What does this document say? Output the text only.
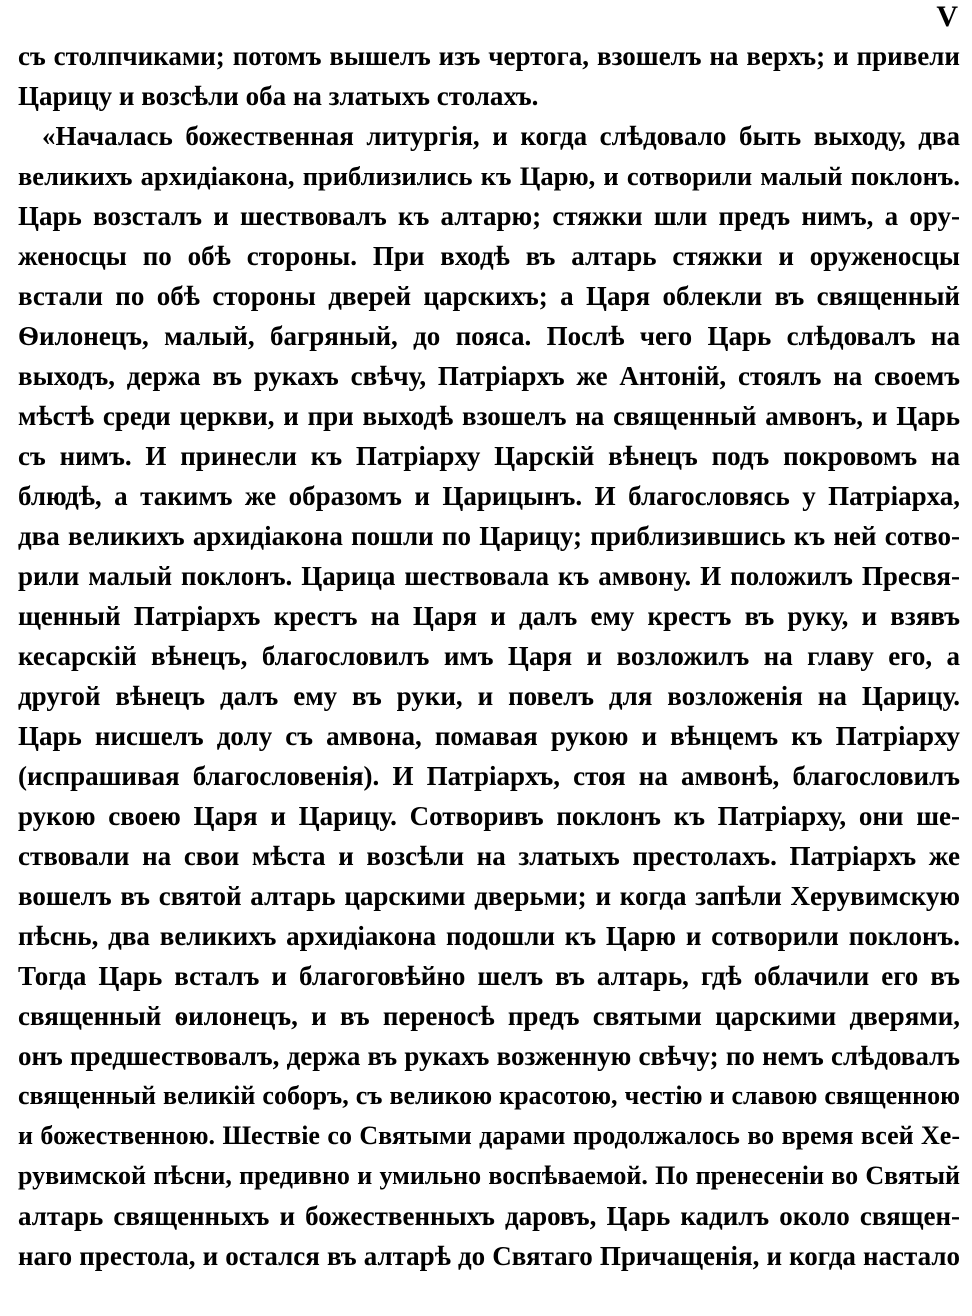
V
съ столпчиками; потомъ вышелъ изъ чертога, взошелъ на верхъ; и привели
Царицу и возсѣли оба на златыхъ столахъ.
«Началась божественная литургія, и когда слѣдовало быть выходу, два
великихъ архидіакона, приблизились къ Царю, и сотворили малый поклонъ.
Царь возсталъ и шествовалъ къ алтарю; стяжки шли предъ нимъ, а ору-
женосцы по обѣ стороны. При входѣ въ алтарь стяжки и оруженосцы
встали по обѣ стороны дверей царскихъ; а Царя облекли въ священный
Ѳилонецъ, малый, багряный, до пояса. Послѣ чего Царь слѣдовалъ на
выходъ, держа въ рукахъ свѣчу, Патріархъ же Антоній, стоялъ на своемъ
мѣстѣ среди церкви, и при выходѣ взошелъ на священный амвонъ, и Царь
съ нимъ. И принесли къ Патріарху Царскій вѣнецъ подъ покровомъ на
блюдѣ, а такимъ же образомъ и Царицынъ. И благословясь у Патріарха,
два великихъ архидіакона пошли по Царицу; приблизившись къ ней сотво-
рили малый поклонъ. Царица шествовала къ амвону. И положилъ Пресвя-
щенный Патріархъ крестъ на Царя и далъ ему крестъ въ руку, и взявъ
кесарскій вѣнецъ, благословилъ имъ Царя и возложилъ на главу его, а
другой вѣнецъ далъ ему въ руки, и повелъ для возложенія на Царицу.
Царь нисшелъ долу съ амвона, помавая рукою и вѣнцемъ къ Патріарху
(испрашивая благословенія). И Патріархъ, стоя на амвонѣ, благословилъ
рукою своею Царя и Царицу. Сотворивъ поклонъ къ Патріарху, они ше-
ствовали на свои мѣста и возсѣли на златыхъ престолахъ. Патріархъ же
вошелъ въ святой алтарь царскими дверьми; и когда запѣли Херувимскую
пѣснь, два великихъ архидіакона подошли къ Царю и сотворили поклонъ.
Тогда Царь всталъ и благоговѣйно шелъ въ алтарь, гдѣ облачили его въ
священный ѳилонецъ, и въ переносѣ предъ святыми царскими дверями,
онъ предшествовалъ, держа въ рукахъ возженную свѣчу; по немъ слѣдовалъ
священный великій соборъ, съ великою красотою, честію и славою священною
и божественною. Шествіе со Святыми дарами продолжалось во время всей Хе-
рувимской пѣсни, предивно и умильно воспѣваемой. По пренесеніи во Святый
алтарь священныхъ и божественныхъ даровъ, Царь кадилъ около священ-
наго престола, и остался въ алтарѣ до Святаго Причащенія, и когда настало
